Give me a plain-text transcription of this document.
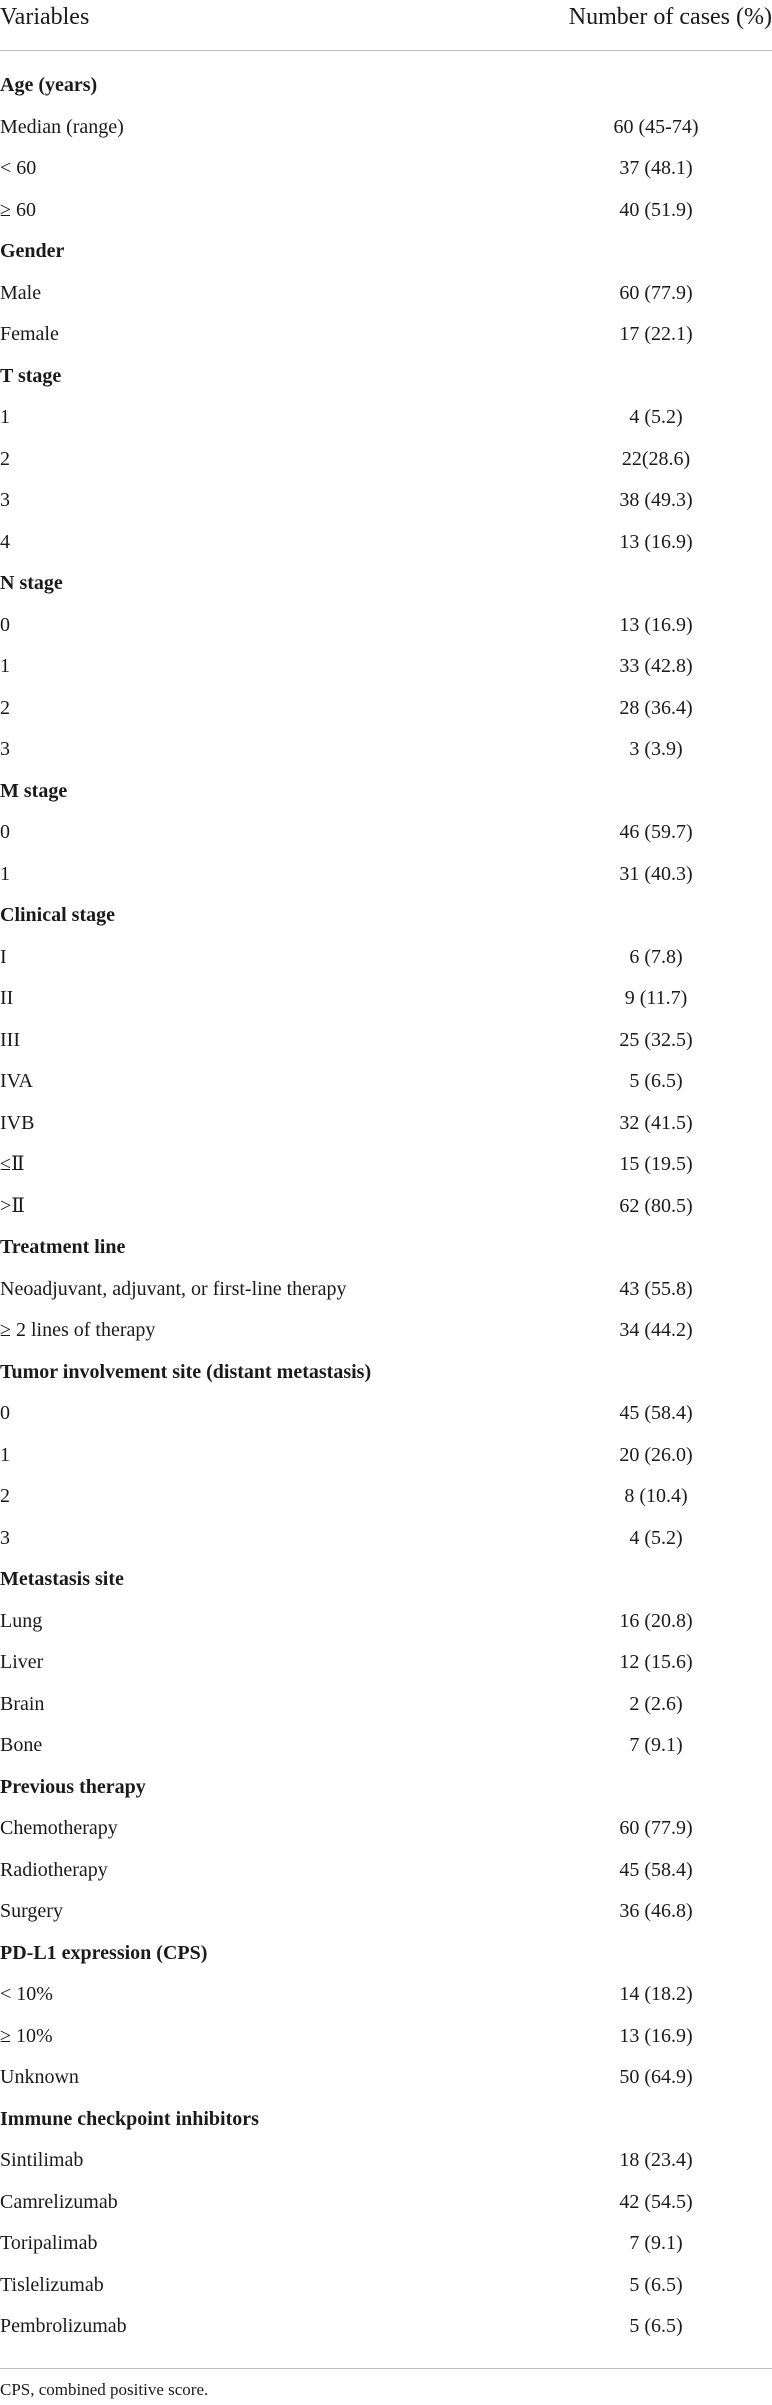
Variables	Number of cases (%)
Age (years)
Median (range)	60 (45-74)
< 60	37 (48.1)
≥ 60	40 (51.9)
Gender
Male	60 (77.9)
Female	17 (22.1)
T stage
1	4 (5.2)
2	22(28.6)
3	38 (49.3)
4	13 (16.9)
N stage
0	13 (16.9)
1	33 (42.8)
2	28 (36.4)
3	3 (3.9)
M stage
0	46 (59.7)
1	31 (40.3)
Clinical stage
I	6 (7.8)
II	9 (11.7)
III	25 (32.5)
IVA	5 (6.5)
IVB	32 (41.5)
≤Ⅱ	15 (19.5)
>Ⅱ	62 (80.5)
Treatment line
Neoadjuvant, adjuvant, or first-line therapy	43 (55.8)
≥ 2 lines of therapy	34 (44.2)
Tumor involvement site (distant metastasis)
0	45 (58.4)
1	20 (26.0)
2	8 (10.4)
3	4 (5.2)
Metastasis site
Lung	16 (20.8)
Liver	12 (15.6)
Brain	2 (2.6)
Bone	7 (9.1)
Previous therapy
Chemotherapy	60 (77.9)
Radiotherapy	45 (58.4)
Surgery	36 (46.8)
PD-L1 expression (CPS)
< 10%	14 (18.2)
≥ 10%	13 (16.9)
Unknown	50 (64.9)
Immune checkpoint inhibitors
Sintilimab	18 (23.4)
Camrelizumab	42 (54.5)
Toripalimab	7 (9.1)
Tislelizumab	5 (6.5)
Pembrolizumab	5 (6.5)
CPS, combined positive score.
